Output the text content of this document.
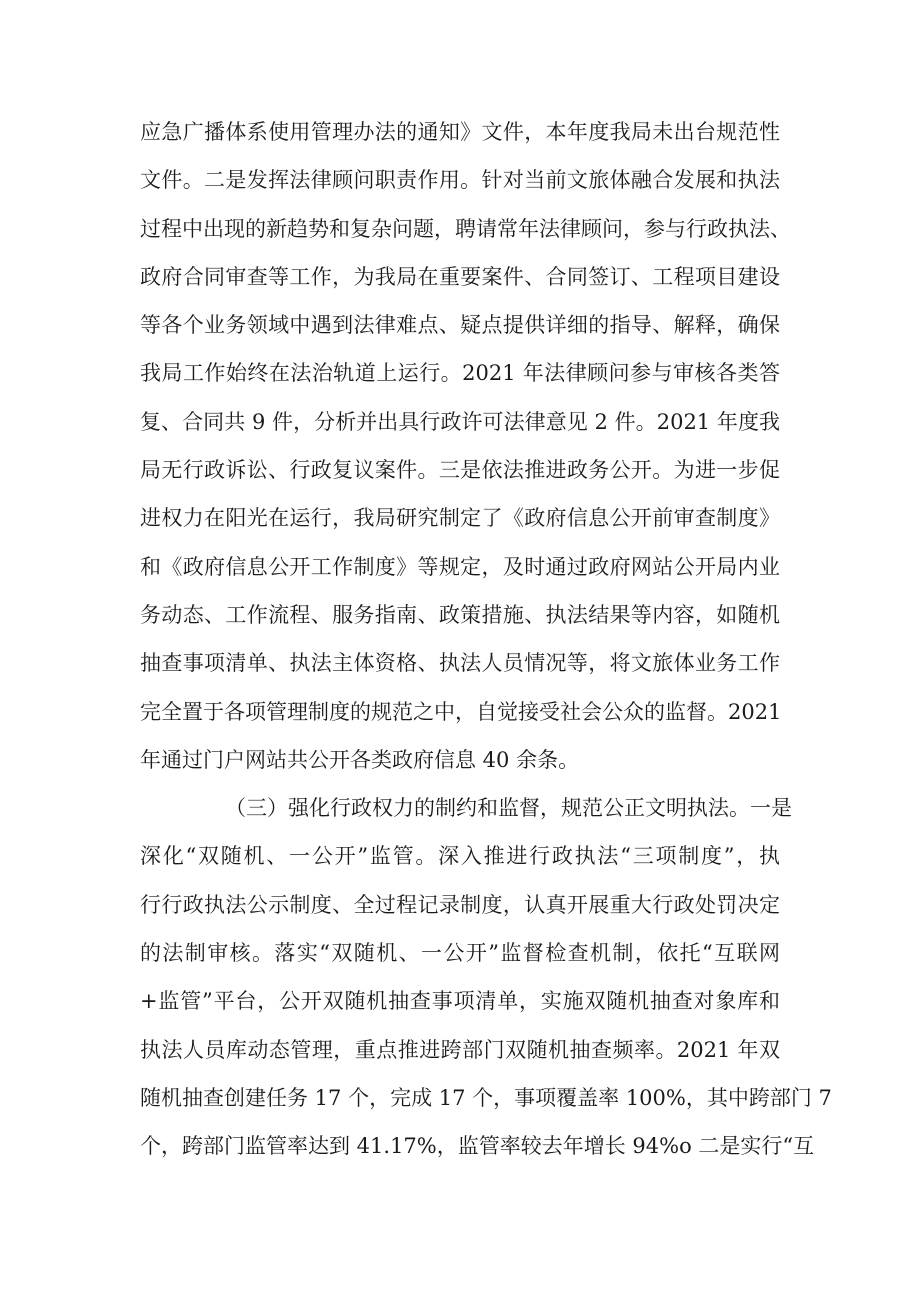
应急广播体系使用管理办法的通知》文件，本年度我局未出台规范性
文件。二是发挥法律顾问职责作用。针对当前文旅体融合发展和执法
过程中出现的新趋势和复杂问题，聘请常年法律顾问，参与行政执法、
政府合同审查等工作，为我局在重要案件、合同签订、工程项目建设
等各个业务领域中遇到法律难点、疑点提供详细的指导、解释，确保
我局工作始终在法治轨道上运行。2021 年法律顾问参与审核各类答
复、合同共 9 件，分析并出具行政许可法律意见 2 件。2021 年度我
局无行政诉讼、行政复议案件。三是依法推进政务公开。为进一步促
进权力在阳光在运行，我局研究制定了《政府信息公开前审查制度》
和《政府信息公开工作制度》等规定，及时通过政府网站公开局内业
务动态、工作流程、服务指南、政策措施、执法结果等内容，如随机
抽查事项清单、执法主体资格、执法人员情况等，将文旅体业务工作
完全置于各项管理制度的规范之中，自觉接受社会公众的监督。2021
年通过门户网站共公开各类政府信息 40 余条。
（三）强化行政权力的制约和监督，规范公正文明执法。一是
深化“双随机、一公开”监管。深入推进行政执法“三项制度”，执
行行政执法公示制度、全过程记录制度，认真开展重大行政处罚决定
的法制审核。落实“双随机、一公开”监督检查机制，依托“互联网
+监管”平台，公开双随机抽查事项清单，实施双随机抽查对象库和
执法人员库动态管理，重点推进跨部门双随机抽查频率。2021 年双
随机抽查创建任务 17 个，完成 17 个，事项覆盖率 100%，其中跨部门 7
个，跨部门监管率达到 41.17%，监管率较去年增长 94%o 二是实行“互
